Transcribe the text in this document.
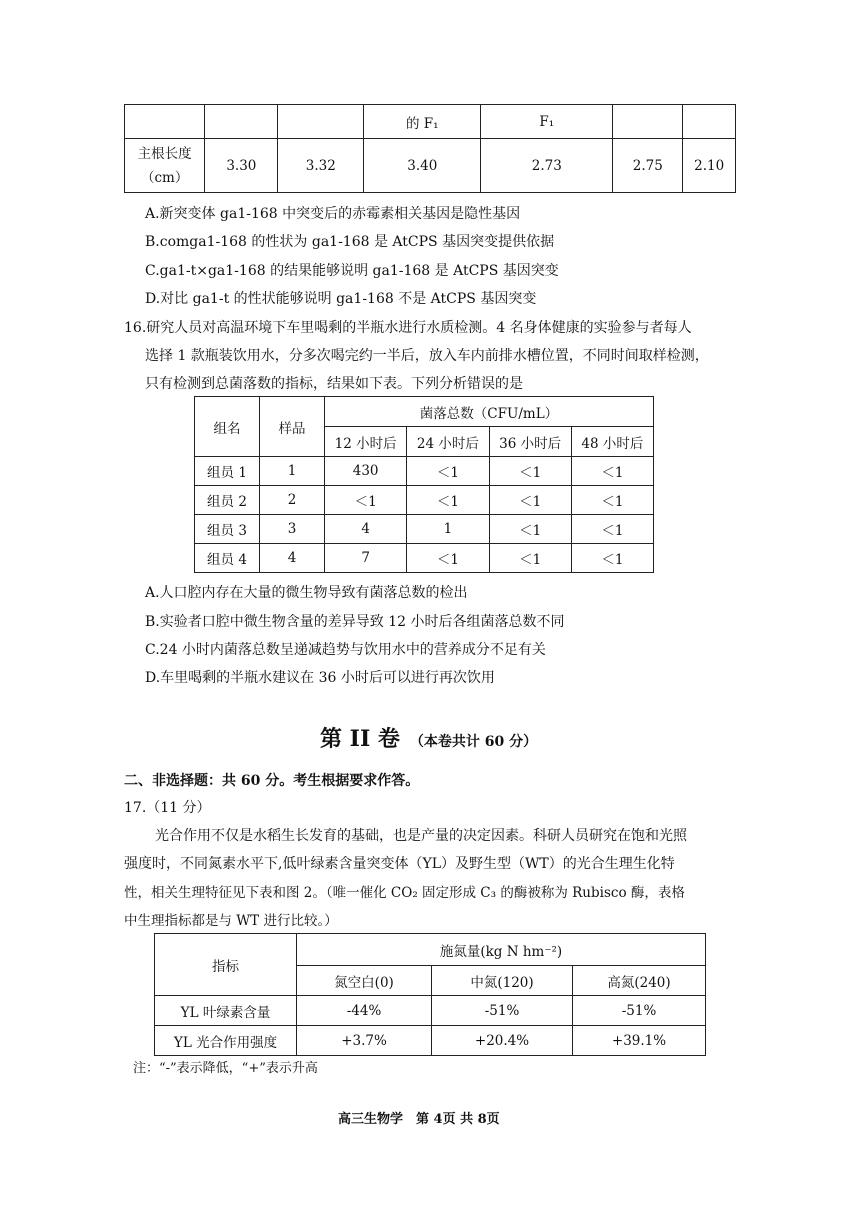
			的 F₁	F₁		
主根长度
（cm）	3.30	3.32	3.40	2.73	2.75	2.10
A.新突变体 ga1-168 中突变后的赤霉素相关基因是隐性基因
B.comga1-168 的性状为 ga1-168 是 AtCPS 基因突变提供依据
C.ga1-t×ga1-168 的结果能够说明 ga1-168 是 AtCPS 基因突变
D.对比 ga1-t 的性状能够说明 ga1-168 不是 AtCPS 基因突变
16.研究人员对高温环境下车里喝剩的半瓶水进行水质检测。4 名身体健康的实验参与者每人
选择 1 款瓶装饮用水，分多次喝完约一半后，放入车内前排水槽位置，不同时间取样检测，
只有检测到总菌落数的指标，结果如下表。下列分析错误的是
组名	样品	菌落总数（CFU/mL）			
		12 小时后	24 小时后	36 小时后	48 小时后
组员 1	1	430	＜1	＜1	＜1
组员 2	2	＜1	＜1	＜1	＜1
组员 3	3	4	1	＜1	＜1
组员 4	4	7	＜1	＜1	＜1
A.人口腔内存在大量的微生物导致有菌落总数的检出
B.实验者口腔中微生物含量的差异导致 12 小时后各组菌落总数不同
C.24 小时内菌落总数呈递减趋势与饮用水中的营养成分不足有关
D.车里喝剩的半瓶水建议在 36 小时后可以进行再次饮用
第 II 卷 （本卷共计 60 分）
二、非选择题：共 60 分。考生根据要求作答。
17.（11 分）
光合作用不仅是水稻生长发育的基础，也是产量的决定因素。科研人员研究在饱和光照
强度时，不同氮素水平下,低叶绿素含量突变体（YL）及野生型（WT）的光合生理生化特
性，相关生理特征见下表和图 2。（唯一催化 CO₂ 固定形成 C₃ 的酶被称为 Rubisco 酶，表格
中生理指标都是与 WT 进行比较。）
指标	施氮量(kg N hm⁻²)		
	氮空白(0)	中氮(120)	高氮(240)
YL 叶绿素含量	-44%	-51%	-51%
YL 光合作用强度	+3.7%	+20.4%	+39.1%
注：“-”表示降低，“+”表示升高
高三生物学　第 4页 共 8页
